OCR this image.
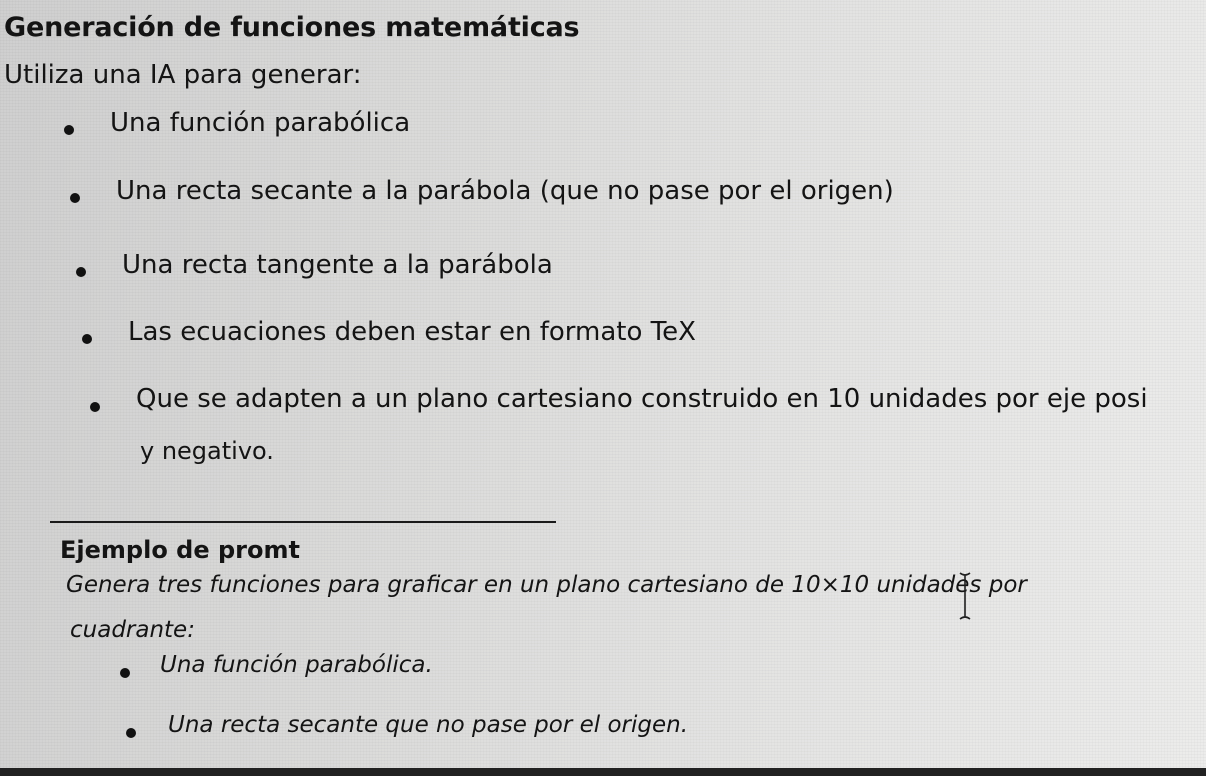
Generación de funciones matemáticas
Utiliza una IA para generar:
Una función parabólica
Una recta secante a la parábola (que no pase por el origen)
Una recta tangente a la parábola
Las ecuaciones deben estar en formato TeX
Que se adapten a un plano cartesiano construido en 10 unidades por eje posi
y negativo.
Ejemplo de promt
Genera tres funciones para graficar en un plano cartesiano de 10×10 unidades por
cuadrante:
Una función parabólica.
Una recta secante que no pase por el origen.
